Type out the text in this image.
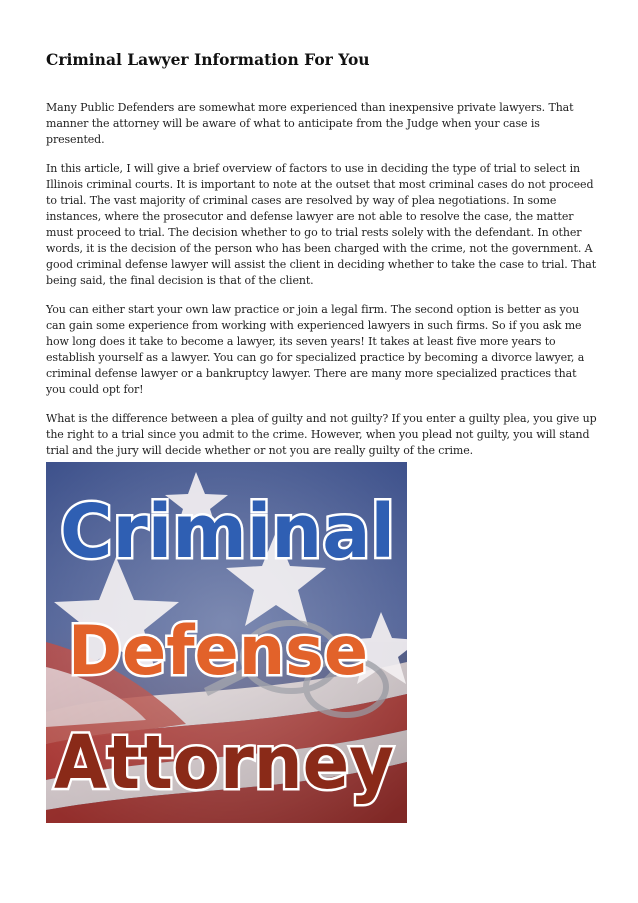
Criminal Lawyer Information For You

Many Public Defenders are somewhat more experienced than inexpensive private lawyers. That manner the attorney will be aware of what to anticipate from the Judge when your case is presented.

In this article, I will give a brief overview of factors to use in deciding the type of trial to select in Illinois criminal courts. It is important to note at the outset that most criminal cases do not proceed to trial. The vast majority of criminal cases are resolved by way of plea negotiations. In some instances, where the prosecutor and defense lawyer are not able to resolve the case, the matter must proceed to trial. The decision whether to go to trial rests solely with the defendant. In other words, it is the decision of the person who has been charged with the crime, not the government. A good criminal defense lawyer will assist the client in deciding whether to take the case to trial. That being said, the final decision is that of the client.

You can either start your own law practice or join a legal firm. The second option is better as you can gain some experience from working with experienced lawyers in such firms. So if you ask me how long does it take to become a lawyer, its seven years! It takes at least five more years to establish yourself as a lawyer. You can go for specialized practice by becoming a divorce lawyer, a criminal defense lawyer or a bankruptcy lawyer. There are many more specialized practices that you could opt for!

What is the difference between a plea of guilty and not guilty? If you enter a guilty plea, you give up the right to a trial since you admit to the crime. However, when you plead not guilty, you will stand trial and the jury will decide whether or not you are really guilty of the crime.

Criminal
Defense
Attorney
